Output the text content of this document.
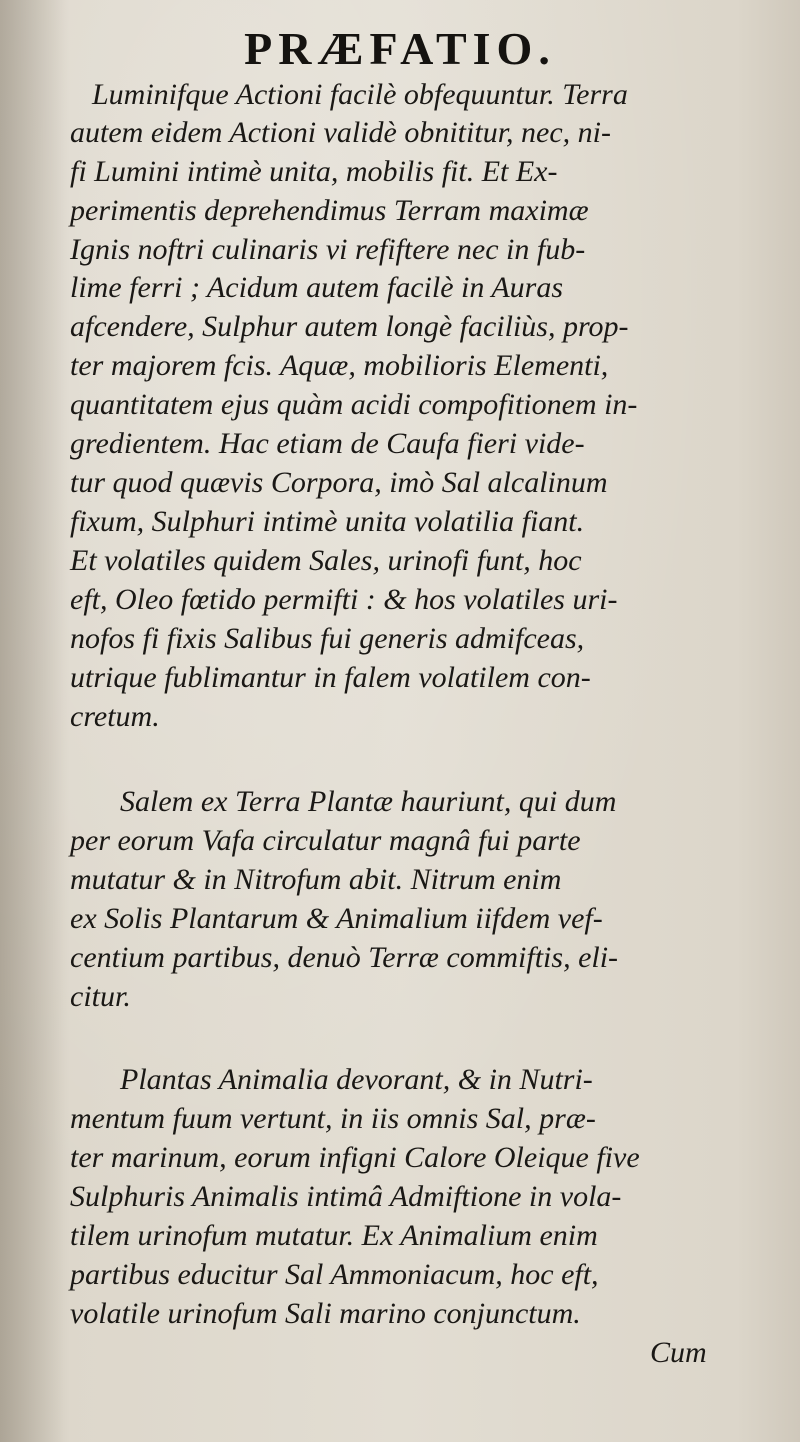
PRÆFATIO.
Luminifque Actioni facilè obfequuntur. Terra
autem eidem Actioni validè obnititur, nec, ni-
fi Lumini intimè unita, mobilis fit. Et Ex-
perimentis deprehendimus Terram maximæ
Ignis noftri culinaris vi refiftere nec in fub-
lime ferri ; Acidum autem facilè in Auras
afcendere, Sulphur autem longè faciliùs, prop-
ter majorem fcis. Aquæ, mobilioris Elementi,
quantitatem ejus quàm acidi compofitionem in-
gredientem. Hac etiam de Caufa fieri vide-
tur quod quævis Corpora, imò Sal alcalinum
fixum, Sulphuri intimè unita volatilia fiant.
Et volatiles quidem Sales, urinofi funt, hoc
eft, Oleo fœtido permifti : & hos volatiles uri-
nofos fi fixis Salibus fui generis admifceas,
utrique fublimantur in falem volatilem con-
cretum.
Salem ex Terra Plantæ hauriunt, qui dum
per eorum Vafa circulatur magnâ fui parte
mutatur & in Nitrofum abit. Nitrum enim
ex Solis Plantarum & Animalium iifdem vef-
centium partibus, denuò Terræ commiftis, eli-
citur.
Plantas Animalia devorant, & in Nutri-
mentum fuum vertunt, in iis omnis Sal, præ-
ter marinum, eorum infigni Calore Oleique five
Sulphuris Animalis intimâ Admiftione in vola-
tilem urinofum mutatur. Ex Animalium enim
partibus educitur Sal Ammoniacum, hoc eft,
volatile urinofum Sali marino conjunctum.
Cum
